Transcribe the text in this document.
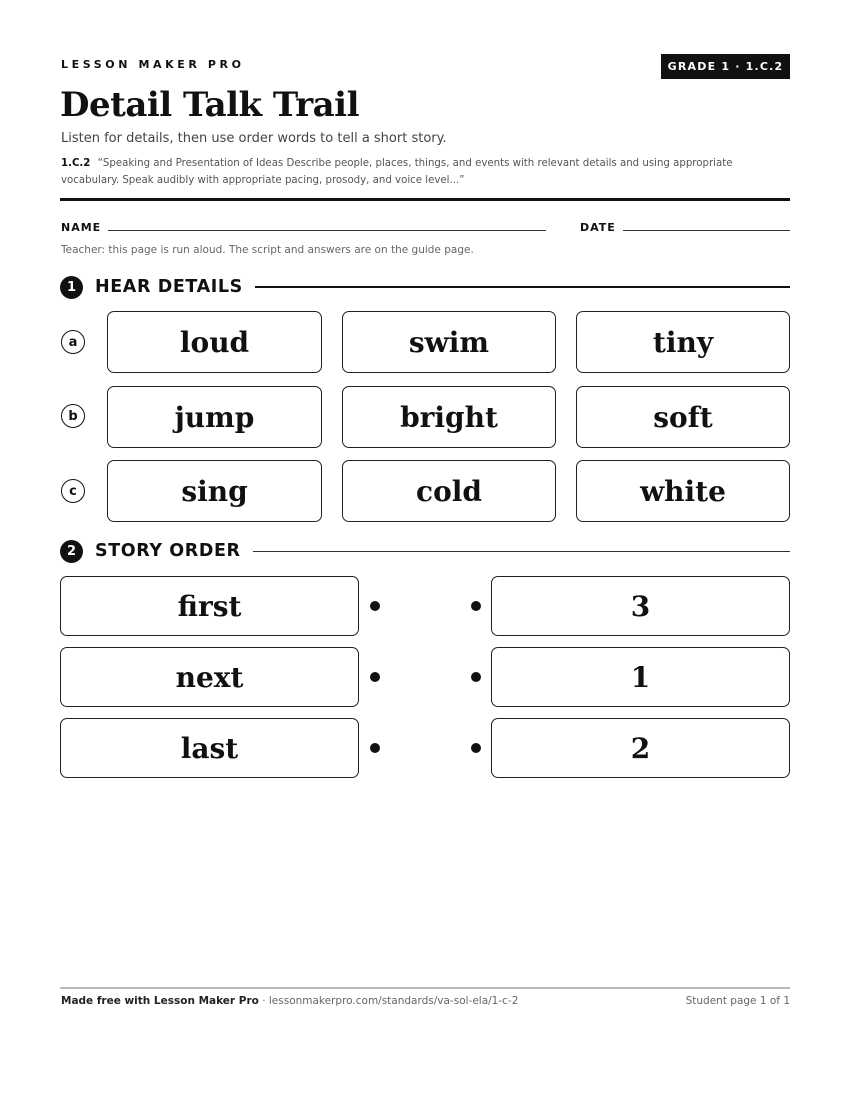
LESSON MAKER PRO	GRADE 1 · 1.C.2
Detail Talk Trail
Listen for details, then use order words to tell a short story.
1.C.2 “Speaking and Presentation of Ideas Describe people, places, things, and events with relevant details and using appropriate vocabulary. Speak audibly with appropriate pacing, prosody, and voice level...”
NAME	DATE
Teacher: this page is run aloud. The script and answers are on the guide page.
1	HEAR DETAILS
a	loud	swim	tiny
b	jump	bright	soft
c	sing	cold	white
2	STORY ORDER
first	3
next	1
last	2
Made free with Lesson Maker Pro · lessonmakerpro.com/standards/va-sol-ela/1-c-2	Student page 1 of 1
